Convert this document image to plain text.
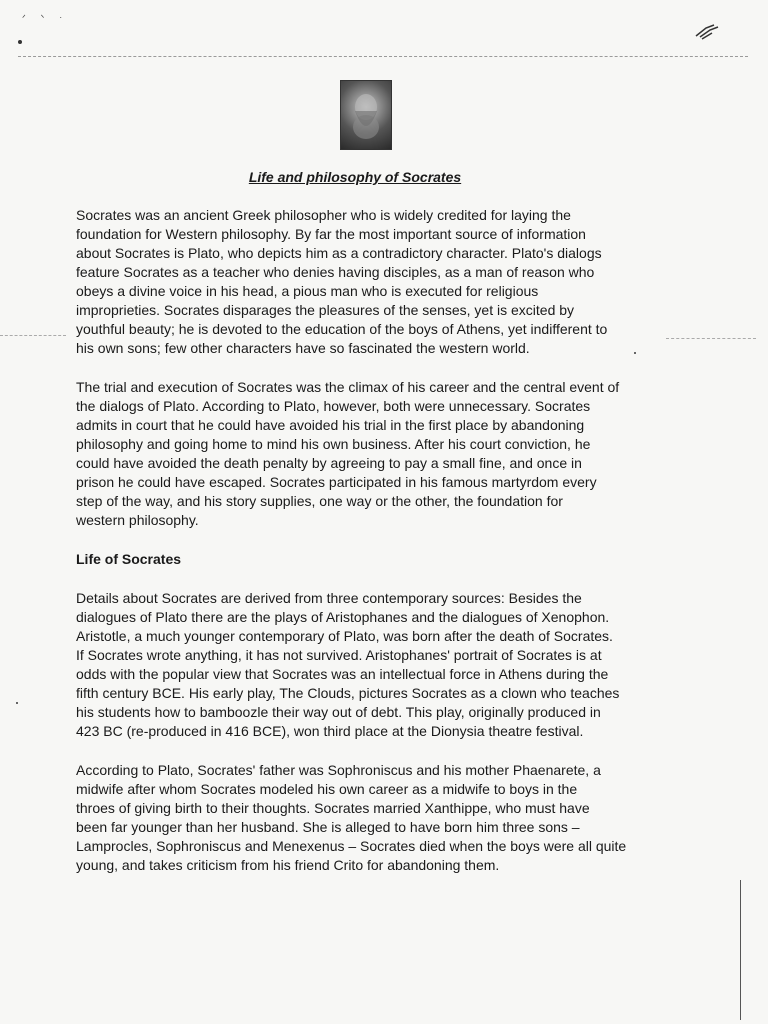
ᐟ ᐠ ᐧ
Life and philosophy of Socrates

Socrates was an ancient Greek philosopher who is widely credited for laying the
foundation for Western philosophy. By far the most important source of information
about Socrates is Plato, who depicts him as a contradictory character. Plato's dialogs
feature Socrates as a teacher who denies having disciples, as a man of reason who
obeys a divine voice in his head, a pious man who is executed for religious
improprieties. Socrates disparages the pleasures of the senses, yet is excited by
youthful beauty; he is devoted to the education of the boys of Athens, yet indifferent to
his own sons; few other characters have so fascinated the western world.

The trial and execution of Socrates was the climax of his career and the central event of
the dialogs of Plato. According to Plato, however, both were unnecessary. Socrates
admits in court that he could have avoided his trial in the first place by abandoning
philosophy and going home to mind his own business. After his court conviction, he
could have avoided the death penalty by agreeing to pay a small fine, and once in
prison he could have escaped. Socrates participated in his famous martyrdom every
step of the way, and his story supplies, one way or the other, the foundation for
western philosophy.

Life of Socrates

Details about Socrates are derived from three contemporary sources: Besides the
dialogues of Plato there are the plays of Aristophanes and the dialogues of Xenophon.
Aristotle, a much younger contemporary of Plato, was born after the death of Socrates.
If Socrates wrote anything, it has not survived. Aristophanes' portrait of Socrates is at
odds with the popular view that Socrates was an intellectual force in Athens during the
fifth century BCE. His early play, The Clouds, pictures Socrates as a clown who teaches
his students how to bamboozle their way out of debt. This play, originally produced in
423 BC (re-produced in 416 BCE), won third place at the Dionysia theatre festival.

According to Plato, Socrates' father was Sophroniscus and his mother Phaenarete, a
midwife after whom Socrates modeled his own career as a midwife to boys in the
throes of giving birth to their thoughts. Socrates married Xanthippe, who must have
been far younger than her husband. She is alleged to have born him three sons –
Lamprocles, Sophroniscus and Menexenus – Socrates died when the boys were all quite
young, and takes criticism from his friend Crito for abandoning them.
